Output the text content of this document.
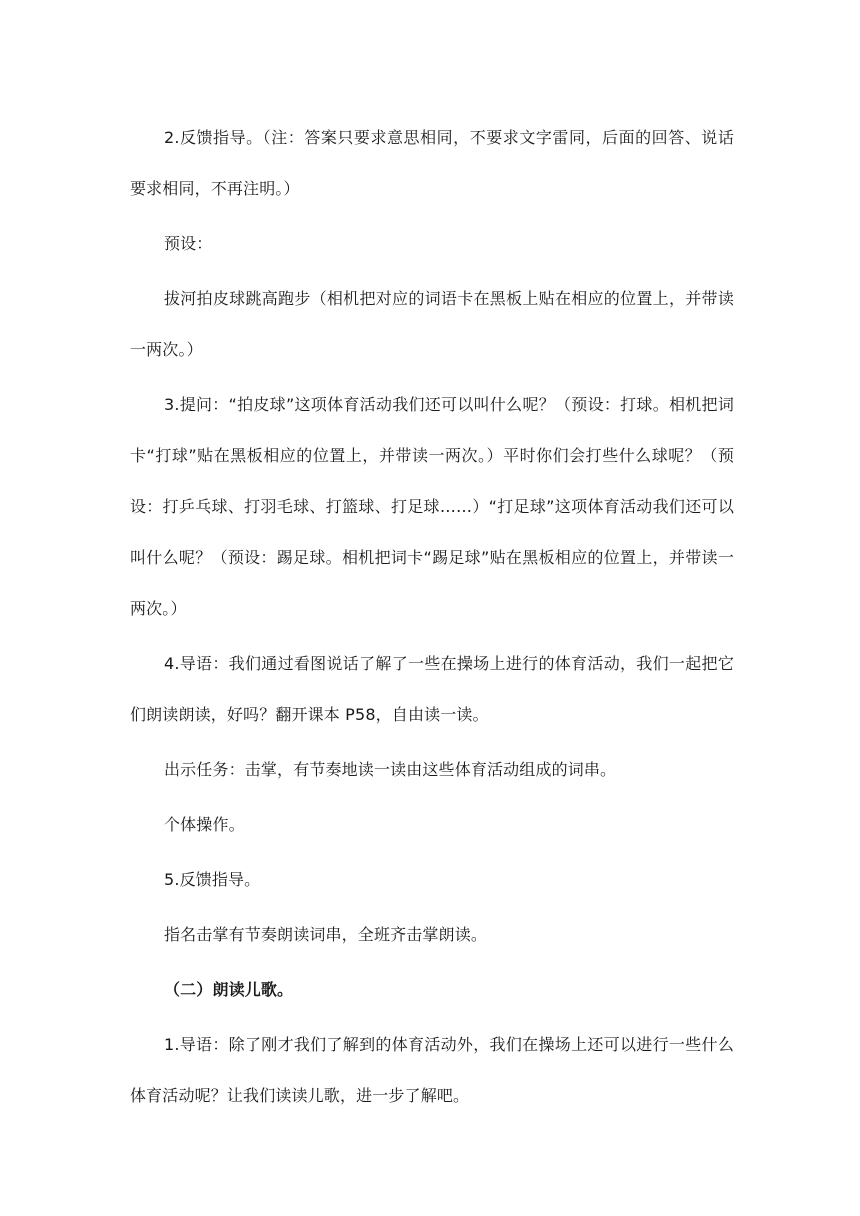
2.反馈指导。（注：答案只要求意思相同，不要求文字雷同，后面的回答、说话要求相同，不再注明。）

预设：

拔河拍皮球跳高跑步（相机把对应的词语卡在黑板上贴在相应的位置上，并带读一两次。）

3.提问：“拍皮球”这项体育活动我们还可以叫什么呢？（预设：打球。相机把词卡“打球”贴在黑板相应的位置上，并带读一两次。）平时你们会打些什么球呢？（预设：打乒乓球、打羽毛球、打篮球、打足球……）“打足球”这项体育活动我们还可以叫什么呢？（预设：踢足球。相机把词卡“踢足球”贴在黑板相应的位置上，并带读一两次。）

4.导语：我们通过看图说话了解了一些在操场上进行的体育活动，我们一起把它们朗读朗读，好吗？翻开课本 P58，自由读一读。

出示任务：击掌，有节奏地读一读由这些体育活动组成的词串。

个体操作。

5.反馈指导。

指名击掌有节奏朗读词串，全班齐击掌朗读。

（二）朗读儿歌。

1.导语：除了刚才我们了解到的体育活动外，我们在操场上还可以进行一些什么体育活动呢？让我们读读儿歌，进一步了解吧。
